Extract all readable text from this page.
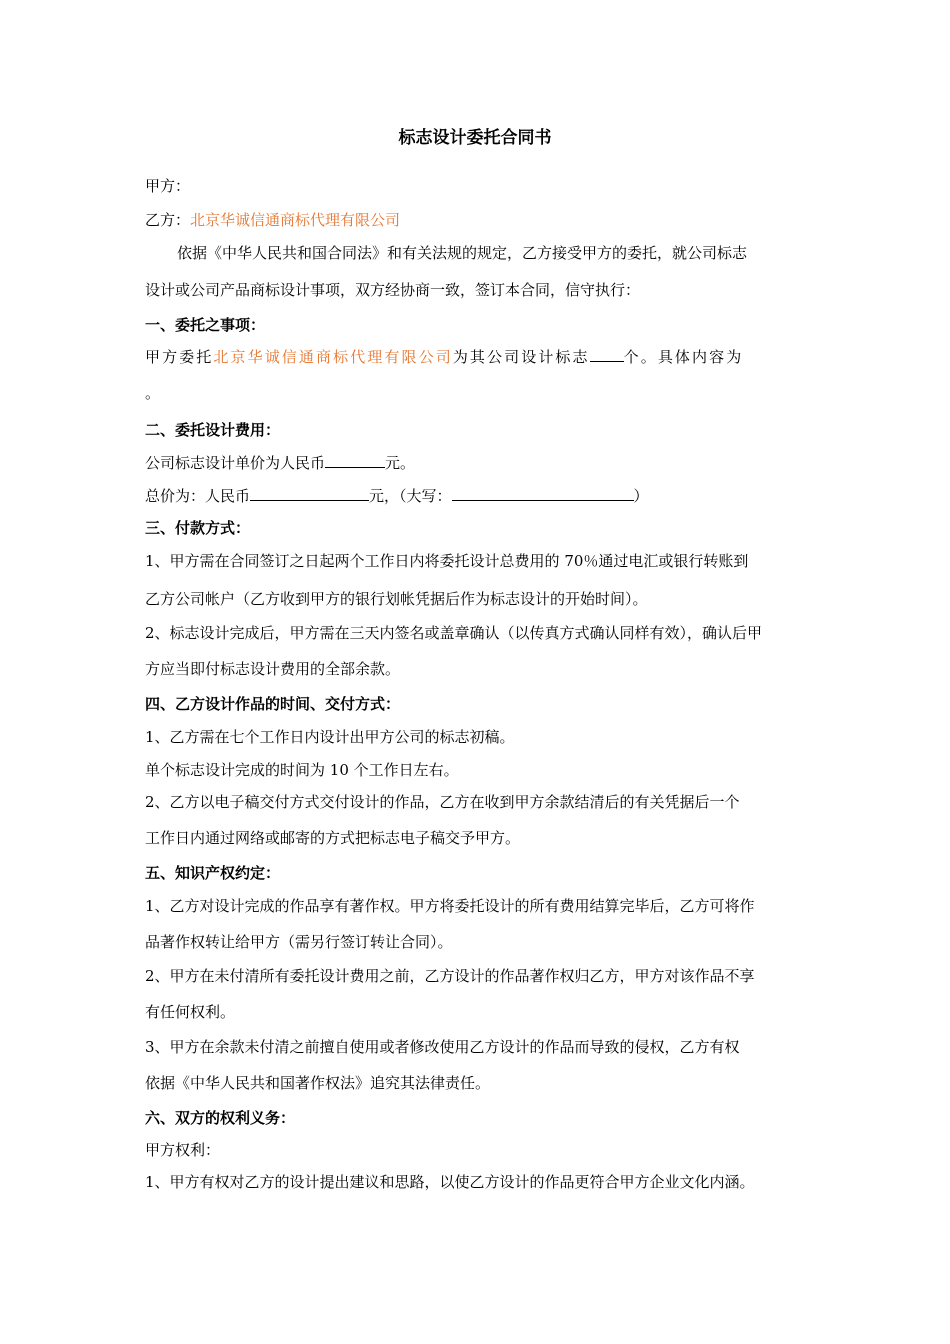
标志设计委托合同书
甲方：
乙方：北京华诚信通商标代理有限公司
依据《中华人民共和国合同法》和有关法规的规定，乙方接受甲方的委托，就公司标志
设计或公司产品商标设计事项，双方经协商一致，签订本合同，信守执行：
一、委托之事项：
甲方委托北京华诚信通商标代理有限公司为其公司设计标志 个。具体内容为
。
二、委托设计费用：
公司标志设计单价为人民币	元。
总价为：人民币	元，（大写：	）
三、付款方式：
1、甲方需在合同签订之日起两个工作日内将委托设计总费用的 70％通过电汇或银行转账到
乙方公司帐户（乙方收到甲方的银行划帐凭据后作为标志设计的开始时间）。
2、标志设计完成后，甲方需在三天内签名或盖章确认（以传真方式确认同样有效），确认后甲
方应当即付标志设计费用的全部余款。
四、乙方设计作品的时间、交付方式：
1、乙方需在七个工作日内设计出甲方公司的标志初稿。
单个标志设计完成的时间为 10 个工作日左右。
2、乙方以电子稿交付方式交付设计的作品，乙方在收到甲方余款结清后的有关凭据后一个
工作日内通过网络或邮寄的方式把标志电子稿交予甲方。
五、知识产权约定：
1、乙方对设计完成的作品享有著作权。甲方将委托设计的所有费用结算完毕后，乙方可将作
品著作权转让给甲方（需另行签订转让合同）。
2、甲方在未付清所有委托设计费用之前，乙方设计的作品著作权归乙方，甲方对该作品不享
有任何权利。
3、甲方在余款未付清之前擅自使用或者修改使用乙方设计的作品而导致的侵权，乙方有权
依据《中华人民共和国著作权法》追究其法律责任。
六、双方的权利义务：
甲方权利：
1、甲方有权对乙方的设计提出建议和思路，以使乙方设计的作品更符合甲方企业文化内涵。
